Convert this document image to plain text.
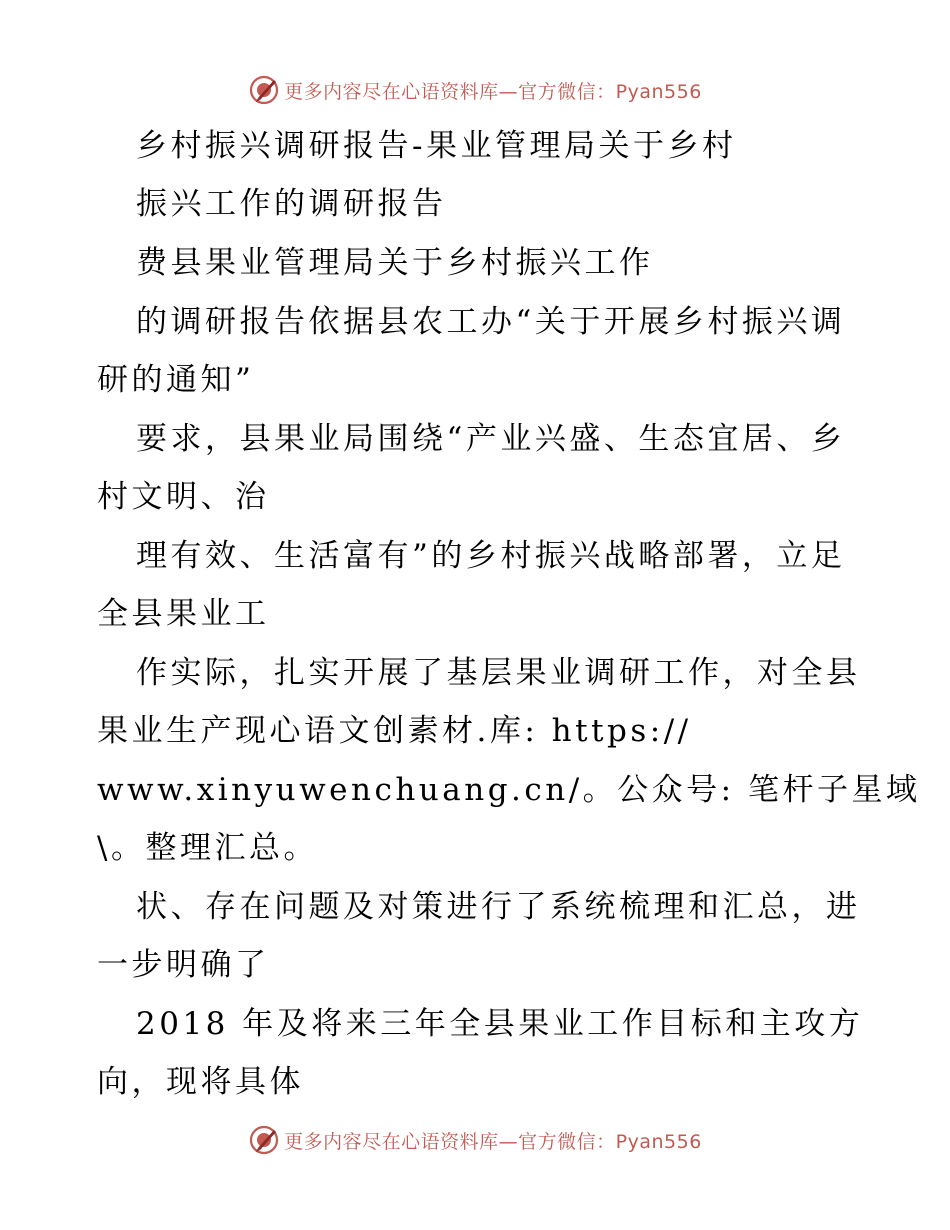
更多内容尽在心语资料库—官方微信：Pyan556

乡村振兴调研报告-果业管理局关于乡村

振兴工作的调研报告

费县果业管理局关于乡村振兴工作

的调研报告依据县农工办“关于开展乡村振兴调

研的通知”

要求，县果业局围绕“产业兴盛、生态宜居、乡

村文明、治

理有效、生活富有”的乡村振兴战略部署，立足

全县果业工

作实际，扎实开展了基层果业调研工作，对全县

果业生产现心语文创素材.库: https://

www.xinyuwenchuang.cn/。公众号: 笔杆子星域

\。整理汇总。

状、存在问题及对策进行了系统梳理和汇总，进

一步明确了

2018 年及将来三年全县果业工作目标和主攻方

向，现将具体

更多内容尽在心语资料库—官方微信：Pyan556
